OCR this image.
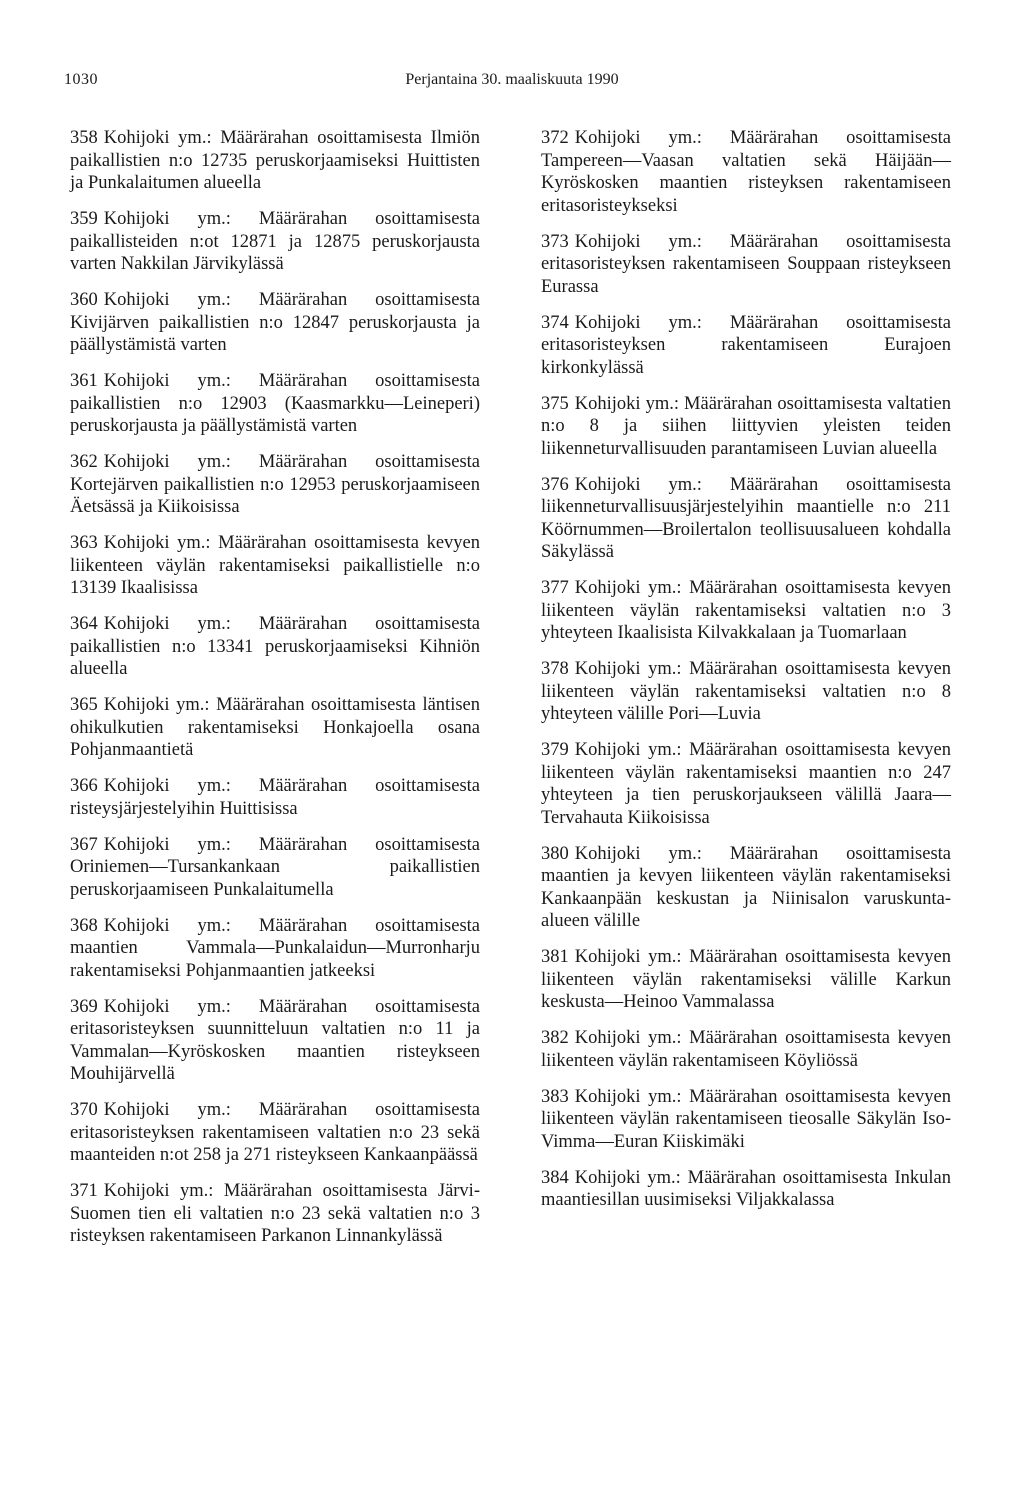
1030	Perjantaina 30. maaliskuuta 1990

358 Kohijoki ym.: Määrärahan osoittamisesta Ilmiön paikallistien n:o 12735 peruskorjaamiseksi Huittisten ja Punkalaitumen alueella

359 Kohijoki ym.: Määrärahan osoittamisesta paikallisteiden n:ot 12871 ja 12875 peruskorjausta varten Nakkilan Järvikylässä

360 Kohijoki ym.: Määrärahan osoittamisesta Kivijärven paikallistien n:o 12847 peruskorjausta ja päällystämistä varten

361 Kohijoki ym.: Määrärahan osoittamisesta paikallistien n:o 12903 (Kaasmarkku—Leineperi) peruskorjausta ja päällystämistä varten

362 Kohijoki ym.: Määrärahan osoittamisesta Kortejärven paikallistien n:o 12953 peruskorjaamiseen Äetsässä ja Kiikoisissa

363 Kohijoki ym.: Määrärahan osoittamisesta kevyen liikenteen väylän rakentamiseksi paikallistielle n:o 13139 Ikaalisissa

364 Kohijoki ym.: Määrärahan osoittamisesta paikallistien n:o 13341 peruskorjaamiseksi Kihniön alueella

365 Kohijoki ym.: Määrärahan osoittamisesta läntisen ohikulkutien rakentamiseksi Honkajoella osana Pohjanmaantietä

366 Kohijoki ym.: Määrärahan osoittamisesta risteysjärjestelyihin Huittisissa

367 Kohijoki ym.: Määrärahan osoittamisesta Oriniemen—Tursankankaan paikallistien peruskorjaamiseen Punkalaitumella

368 Kohijoki ym.: Määrärahan osoittamisesta maantien Vammala—Punkalaidun—Murronharju rakentamiseksi Pohjanmaantien jatkeeksi

369 Kohijoki ym.: Määrärahan osoittamisesta eritasoristeyksen suunnitteluun valtatien n:o 11 ja Vammalan—Kyröskosken maantien risteykseen Mouhijärvellä

370 Kohijoki ym.: Määrärahan osoittamisesta eritasoristeyksen rakentamiseen valtatien n:o 23 sekä maanteiden n:ot 258 ja 271 risteykseen Kankaanpäässä

371 Kohijoki ym.: Määrärahan osoittamisesta Järvi-Suomen tien eli valtatien n:o 23 sekä valtatien n:o 3 risteyksen rakentamiseen Parkanon Linnankylässä

372 Kohijoki ym.: Määrärahan osoittamisesta Tampereen—Vaasan valtatien sekä Häijään—Kyröskosken maantien risteyksen rakentamiseen eritasoristeykseksi

373 Kohijoki ym.: Määrärahan osoittamisesta eritasoristeyksen rakentamiseen Souppaan risteykseen Eurassa

374 Kohijoki ym.: Määrärahan osoittamisesta eritasoristeyksen rakentamiseen Eurajoen kirkonkylässä

375 Kohijoki ym.: Määrärahan osoittamisesta valtatien n:o 8 ja siihen liittyvien yleisten teiden liikenneturvallisuuden parantamiseen Luvian alueella

376 Kohijoki ym.: Määrärahan osoittamisesta liikenneturvallisuusjärjestelyihin maantielle n:o 211 Köörnummen—Broilertalon teollisuusalueen kohdalla Säkylässä

377 Kohijoki ym.: Määrärahan osoittamisesta kevyen liikenteen väylän rakentamiseksi valtatien n:o 3 yhteyteen Ikaalisista Kilvakkalaan ja Tuomarlaan

378 Kohijoki ym.: Määrärahan osoittamisesta kevyen liikenteen väylän rakentamiseksi valtatien n:o 8 yhteyteen välille Pori—Luvia

379 Kohijoki ym.: Määrärahan osoittamisesta kevyen liikenteen väylän rakentamiseksi maantien n:o 247 yhteyteen ja tien peruskorjaukseen välillä Jaara—Tervahauta Kiikoisissa

380 Kohijoki ym.: Määrärahan osoittamisesta maantien ja kevyen liikenteen väylän rakentamiseksi Kankaanpään keskustan ja Niinisalon varuskunta-alueen välille

381 Kohijoki ym.: Määrärahan osoittamisesta kevyen liikenteen väylän rakentamiseksi välille Karkun keskusta—Heinoo Vammalassa

382 Kohijoki ym.: Määrärahan osoittamisesta kevyen liikenteen väylän rakentamiseen Köyliössä

383 Kohijoki ym.: Määrärahan osoittamisesta kevyen liikenteen väylän rakentamiseen tieosalle Säkylän Iso-Vimma—Euran Kiiskimäki

384 Kohijoki ym.: Määrärahan osoittamisesta Inkulan maantiesillan uusimiseksi Viljakkalassa
